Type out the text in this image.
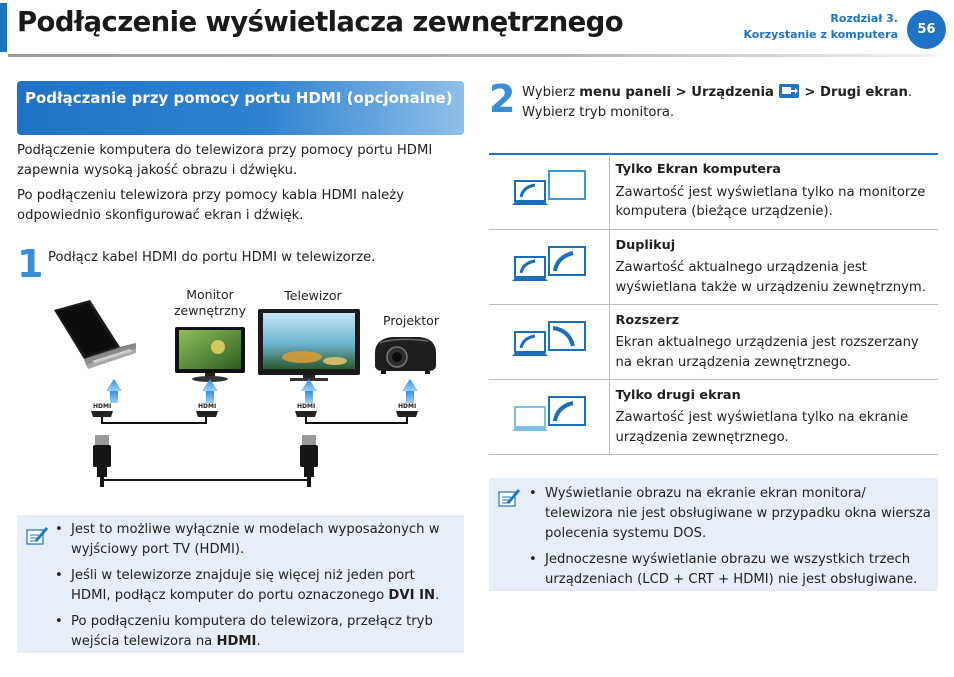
Podłączenie wyświetlacza zewnętrznego	Rozdział 3.
Korzystanie z komputera	56
Podłączanie przy pomocy portu HDMI (opcjonalne)

Podłączenie komputera do telewizora przy pomocy portu HDMI zapewnia wysoką jakość obrazu i dźwięku.

Po podłączeniu telewizora przy pomocy kabla HDMI należy odpowiednio skonfigurować ekran i dźwięk.

1 Podłącz kabel HDMI do portu HDMI w telewizorze.
Monitor
zewnętrzny
Telewizor
Projektor
HDMI	HDMI	HDMI	HDMI
• Jest to możliwe wyłącznie w modelach wyposażonych w wyjściowy port TV (HDMI).
• Jeśli w telewizorze znajduje się więcej niż jeden port HDMI, podłącz komputer do portu oznaczonego DVI IN.
• Po podłączeniu komputera do telewizora, przełącz tryb wejścia telewizora na HDMI.
2 Wybierz menu paneli > Urządzenia  > Drugi ekran.
Wybierz tryb monitora.

Tylko Ekran komputera
Zawartość jest wyświetlana tylko na monitorze komputera (bieżące urządzenie).

Duplikuj
Zawartość aktualnego urządzenia jest wyświetlana także w urządzeniu zewnętrznym.

Rozszerz
Ekran aktualnego urządzenia jest rozszerzany na ekran urządzenia zewnętrznego.

Tylko drugi ekran
Zawartość jest wyświetlana tylko na ekranie urządzenia zewnętrznego.
• Wyświetlanie obrazu na ekranie ekran monitora/ telewizora nie jest obsługiwane w przypadku okna wiersza polecenia systemu DOS.
• Jednoczesne wyświetlanie obrazu we wszystkich trzech urządzeniach (LCD + CRT + HDMI) nie jest obsługiwane.
